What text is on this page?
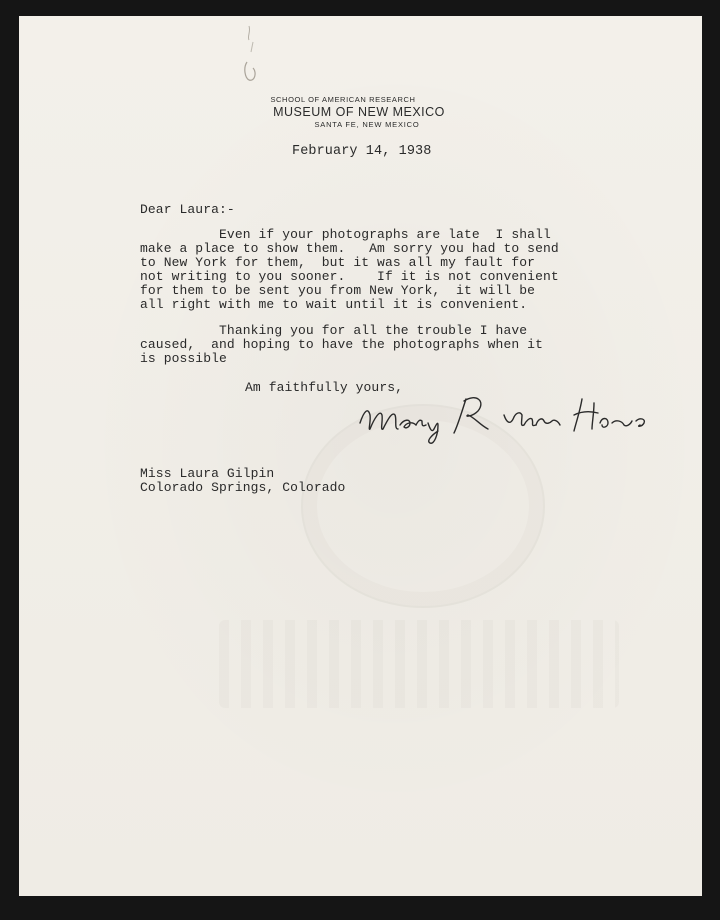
SCHOOL OF AMERICAN RESEARCH
MUSEUM OF NEW MEXICO
SANTA FE, NEW MEXICO
February 14, 1938
Dear Laura:-
Even if your photographs are late  I shall
make a place to show them.   Am sorry you had to send
to New York for them,  but it was all my fault for
not writing to you sooner.    If it is not convenient
for them to be sent you from New York,  it will be
all right with me to wait until it is convenient.
Thanking you for all the trouble I have
caused,  and hoping to have the photographs when it
is possible
Am faithfully yours,
Miss Laura Gilpin
Colorado Springs, Colorado
